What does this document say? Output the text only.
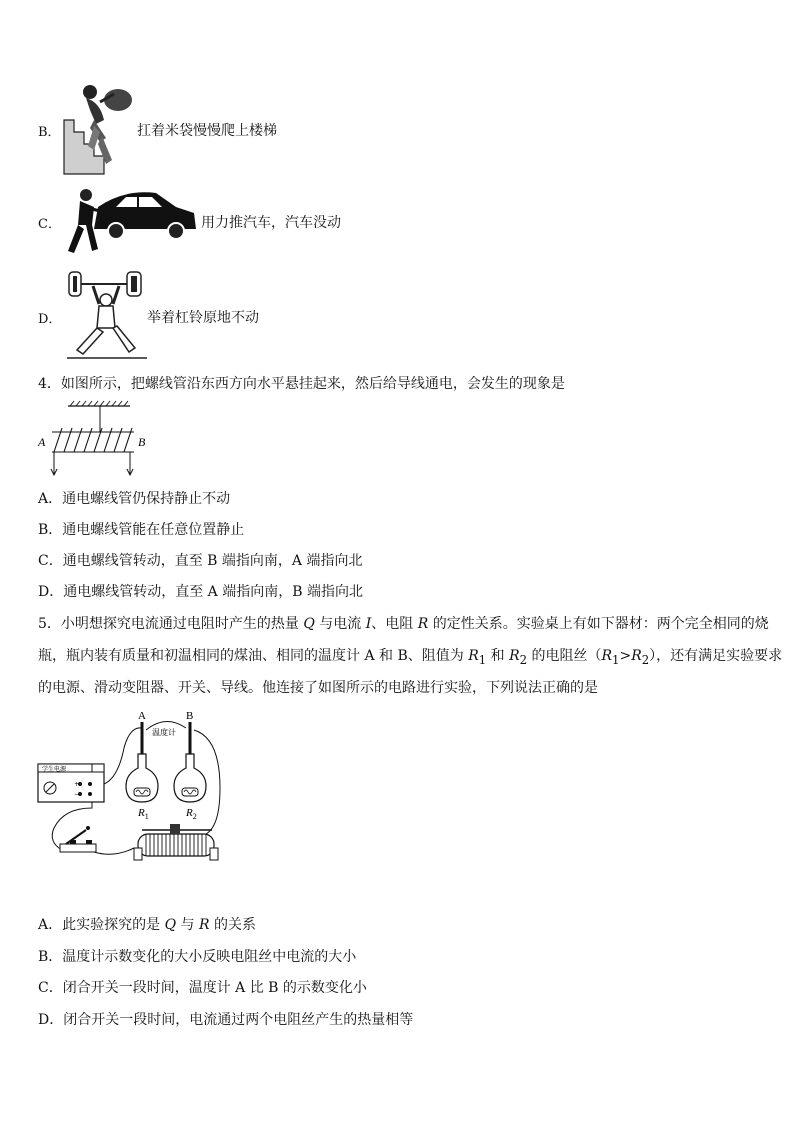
B．	扛着米袋慢慢爬上楼梯
C．	用力推汽车，汽车没动
D．	举着杠铃原地不动
4．如图所示，把螺线管沿东西方向水平悬挂起来，然后给导线通电，会发生的现象是
A	B
A．通电螺线管仍保持静止不动
B．通电螺线管能在任意位置静止
C．通电螺线管转动，直至 B 端指向南，A 端指向北
D．通电螺线管转动，直至 A 端指向南，B 端指向北
5．小明想探究电流通过电阻时产生的热量 Q 与电流 I、电阻 R 的定性关系。实验桌上有如下器材：两个完全相同的烧
瓶，瓶内装有质量和初温相同的煤油、相同的温度计 A 和 B、阻值为 $R_1$ 和 $R_2$ 的电阻丝$(R_1>R_2)$，还有满足实验要求
的电源、滑动变阻器、开关、导线。他连接了如图所示的电路进行实验，下列说法正确的是
A	B
温度计
$R_1$	$R_2$
学生电源
+
−
A．此实验探究的是 Q 与 R 的关系
B．温度计示数变化的大小反映电阻丝中电流的大小
C．闭合开关一段时间，温度计 A 比 B 的示数变化小
D．闭合开关一段时间，电流通过两个电阻丝产生的热量相等
